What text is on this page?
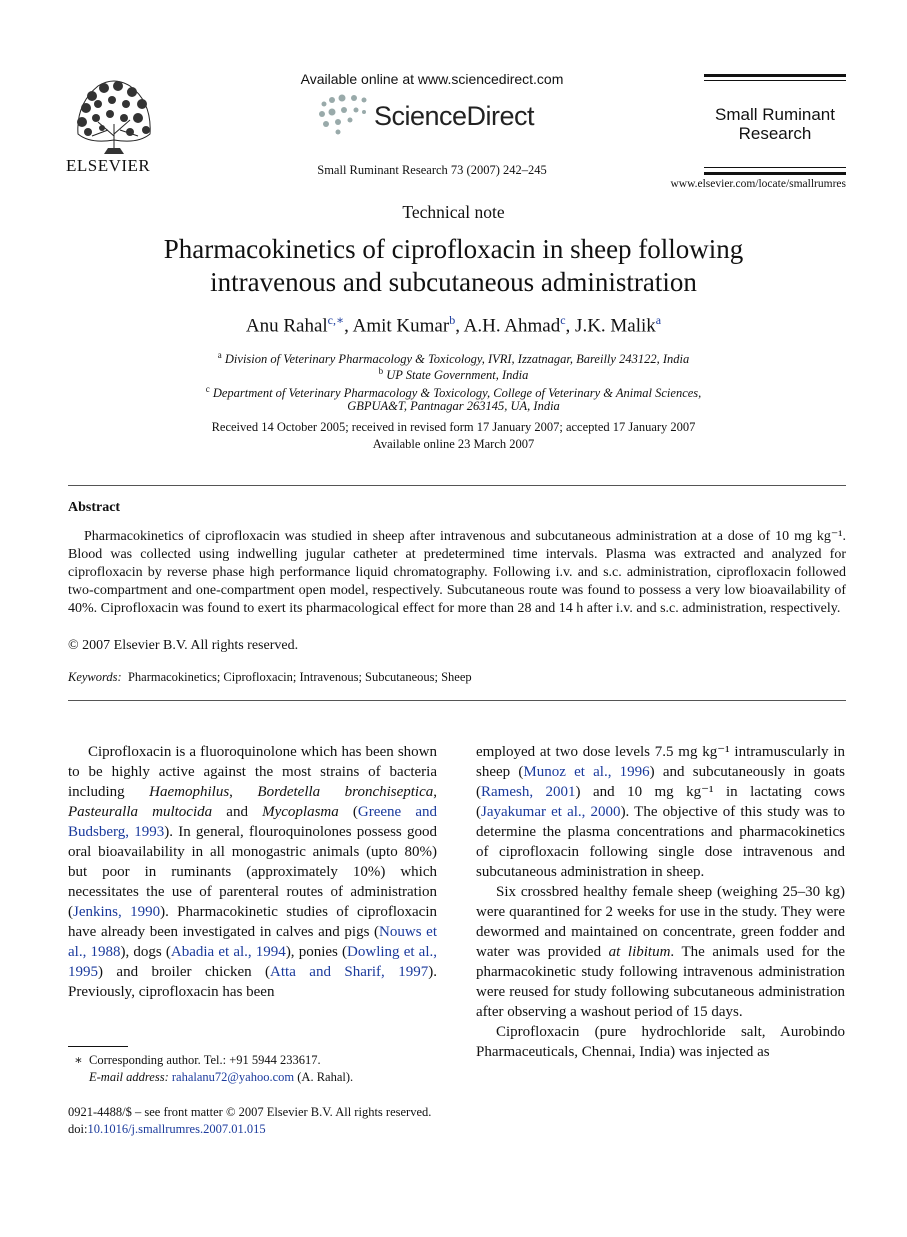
ELSEVIER
Available online at www.sciencedirect.com
ScienceDirect
Small Ruminant Research 73 (2007) 242–245
Small Ruminant
Research
www.elsevier.com/locate/smallrumres
Technical note
Pharmacokinetics of ciprofloxacin in sheep following
intravenous and subcutaneous administration
Anu Rahal$^{c,∗}$, Amit Kumar$^b$, A.H. Ahmad$^c$, J.K. Malik$^a$
$^a$ Division of Veterinary Pharmacology & Toxicology, IVRI, Izzatnagar, Bareilly 243122, India
$^b$ UP State Government, India
$^c$ Department of Veterinary Pharmacology & Toxicology, College of Veterinary & Animal Sciences,
GBPUA&T, Pantnagar 263145, UA, India
Received 14 October 2005; received in revised form 17 January 2007; accepted 17 January 2007
Available online 23 March 2007
Abstract
Pharmacokinetics of ciprofloxacin was studied in sheep after intravenous and subcutaneous administration at a dose of 10 mg kg⁻¹. Blood was collected using indwelling jugular catheter at predetermined time intervals. Plasma was extracted and analyzed for ciprofloxacin by reverse phase high performance liquid chromatography. Following i.v. and s.c. administration, ciprofloxacin followed two-compartment and one-compartment open model, respectively. Subcutaneous route was found to possess a very low bioavailability of 40%. Ciprofloxacin was found to exert its pharmacological effect for more than 28 and 14 h after i.v. and s.c. administration, respectively.
© 2007 Elsevier B.V. All rights reserved.
Keywords: Pharmacokinetics; Ciprofloxacin; Intravenous; Subcutaneous; Sheep

Ciprofloxacin is a fluoroquinolone which has been shown to be highly active against the most strains of bacteria including Haemophilus, Bordetella bronchiseptica, Pasteuralla multocida and Mycoplasma (Greene and Budsberg, 1993). In general, flouroquinolones possess good oral bioavailability in all monogastric animals (upto 80%) but poor in ruminants (approximately 10%) which necessitates the use of parenteral routes of administration (Jenkins, 1990). Pharmacokinetic studies of ciprofloxacin have already been investigated in calves and pigs (Nouws et al., 1988), dogs (Abadia et al., 1994), ponies (Dowling et al., 1995) and broiler chicken (Atta and Sharif, 1997). Previously, ciprofloxacin has been

employed at two dose levels 7.5 mg kg⁻¹ intramuscularly in sheep (Munoz et al., 1996) and subcutaneously in goats (Ramesh, 2001) and 10 mg kg⁻¹ in lactating cows (Jayakumar et al., 2000). The objective of this study was to determine the plasma concentrations and pharmacokinetics of ciprofloxacin following single dose intravenous and subcutaneous administration in sheep.

Six crossbred healthy female sheep (weighing 25–30 kg) were quarantined for 2 weeks for use in the study. They were dewormed and maintained on concentrate, green fodder and water was provided at libitum. The animals used for the pharmacokinetic study following intravenous administration were reused for study following subcutaneous administration after observing a washout period of 15 days.

Ciprofloxacin (pure hydrochloride salt, Aurobindo Pharmaceuticals, Chennai, India) was injected as

∗ Corresponding author. Tel.: +91 5944 233617.
E-mail address: rahalanu72@yahoo.com (A. Rahal).
0921-4488/$ – see front matter © 2007 Elsevier B.V. All rights reserved.
doi:10.1016/j.smallrumres.2007.01.015
